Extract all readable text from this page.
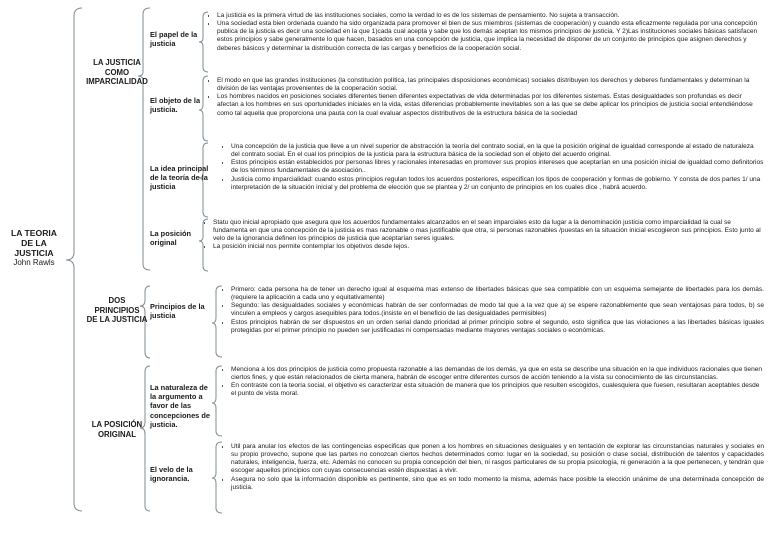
LA TEORIA
DE LA
JUSTICIA
John Rawls
LA JUSTICIA
COMO
IMPARCIALIDAD
DOS
PRINCIPIOS
DE LA JUSTICIA
LA POSICIÓN
ORIGINAL
El papel de la justicia
El objeto de la justicia.
La idea principal de la teoría de la justicia
La posición original
Principios de la justicia
La naturaleza de la argumento a favor de las concepciones de justicia.
El velo de la ignorancia.
• La justicia es la primera virtud de las instituciones sociales, como la verdad lo es de los sistemas de pensamiento. No sujeta a transacción.
• Una sociedad esta bien ordenada cuando ha sido organizada para promover el bien de sus miembros (sistemas de cooperación) y cuando esta eficazmente regulada por una concepción publica de la justicia es decir una sociedad en la que 1)cada cual acepta y sabe que los demás aceptan los mismos principios de justicia. Y 2)Las instituciones sociales básicas satisfacen estos principios y sabe generalmente lo que hacen, basados en una concepción de justicia, que implica la necesidad de disponer de un conjunto de principios que asignen derechos y deberes básicos y determinar la distribución correcta de las cargas y beneficios de la cooperación social.
• El modo en que las grandes instituciones (la constitución política, las principales disposiciones económicas) sociales distribuyen los derechos y deberes fundamentales y determinan la división de las ventajas provenientes de la cooperación social.
• Los hombres nacidos en posiciones sociales diferentes tienen diferentes expectativas de vida determinadas por los diferentes sistemas. Estas desigualdades son profundas es decir afectan a los hombres en sus oportunidades iniciales en la vida, estas diferencias probablemente inevitables son a las que se debe aplicar los principios de justicia social entendiéndose como tal aquella que proporciona una pauta con la cual evaluar aspectos distributivos de la estructura básica de la sociedad
• Una concepción de la justicia que lleve a un nivel superior de abstracción la teoría del contrato social, en la que la posición original de igualdad corresponde al estado de naturaleza del contrato social. En el cual los principios de la justicia para la estructura básica de la sociedad son el objeto del acuerdo original.
• Estos principios están establecidos por personas libres y racionales interesadas en promover sus propios intereses que aceptarían en una posición inicial de igualdad como definitorios de los términos fundamentales de asociación..
• Justicia como imparcialidad: cuando estos principios regulan todos los acuerdos posteriores, especifican los tipos de cooperación y formas de gobierno. Y consta de dos partes 1/ una interpretación de la situación inicial y del problema de elección que se plantea y 2/ un conjunto de principios en los cuales dice , habrá acuerdo.
• Statu quo inicial apropiado que asegura que los acuerdos fundamentales alcanzados en el sean imparciales esto da lugar a la denominación justicia como imparcialidad la cual se fundamenta en que una concepción de la justicia es mas razonable o mas justificable que otra, si personas razonables /puestas en la situación inicial escogieron sus principios. Esto junto al velo de la ignorancia definen los principios de justicia que aceptarían seres iguales.
• La posición inicial nos permite contemplar los objetivos desde lejos.
• Primero: cada persona ha de tener un derecho igual al esquema mas extenso de libertades básicas que sea compatible con un esquema semejante de libertades para los demás.(requiere la aplicación a cada uno y equitativamente)
• Segundo: las desigualdades sociales y económicas habrán de ser conformadas de modo tal que a la vez que a) se espere razonablemente que sean ventajosas para todos, b) se vinculen a empleos y cargos asequibles para todos.(insiste en el beneficio de las desigualdades permisibles)
• Estos principios habrán de ser dispuestos en un orden serial dando prioridad al primer principio sobre el segundo, esto significa que las violaciones a las libertades básicas iguales protegidas por el primer principio no pueden ser justificadas ni compensadas mediante mayores ventajas sociales o económicas.
• Menciona a los dos principios de justicia como propuesta razonable a las demandas de los demás, ya que en esta se describe una situación en la que individuos racionales que tienen ciertos fines, y que están relacionados de cierta manera, habrán de escoger entre diferentes cursos de acción teniendo a la vista su conocimiento de las circunstancias.
• En contraste con la teoría social, el objetivo es caracterizar esta situación de manera que los principios que resulten escogidos, cualesquiera que fuesen, resultaran aceptables desde el punto de vista moral.
• Útil para anular los efectos de las contingencias especificas que ponen a los hombres en situaciones desiguales y en tentación de explorar las circunstancias naturales y sociales en su propio provecho, supone que las partes no conozcan ciertos hechos determinados como: lugar en la sociedad, su posición o clase social, distribución de talentos y capacidades naturales, inteligencia, fuerza, etc. Además no conocen su propia concepción del bien, ni rasgos particulares de su propia psicología, ni generación a la que pertenecen, y tendrán que escoger aquellos principios con cuyas consecuencias estén dispuestas a vivir.
• Asegura no solo que la información disponible es pertinente, sino que es en todo momento la misma, además hace posible la elección unánime de una determinada concepción de justicia.
